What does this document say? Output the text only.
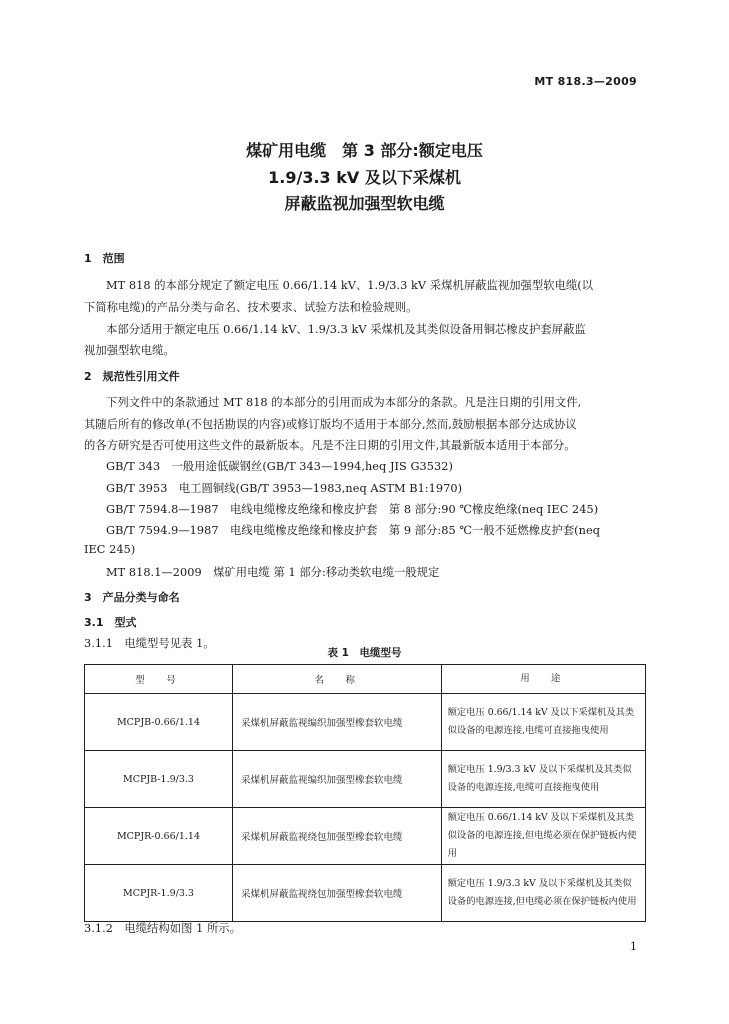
MT 818.3—2009
煤矿用电缆　第 3 部分:额定电压
1.9/3.3 kV 及以下采煤机
屏蔽监视加强型软电缆
1　范围
MT 818 的本部分规定了额定电压 0.66/1.14 kV、1.9/3.3 kV 采煤机屏蔽监视加强型软电缆(以
下简称电缆)的产品分类与命名、技术要求、试验方法和检验规则。
本部分适用于额定电压 0.66/1.14 kV、1.9/3.3 kV 采煤机及其类似设备用铜芯橡皮护套屏蔽监
视加强型软电缆。
2　规范性引用文件
下列文件中的条款通过 MT 818 的本部分的引用而成为本部分的条款。凡是注日期的引用文件,
其随后所有的修改单(不包括勘误的内容)或修订版均不适用于本部分,然而,鼓励根据本部分达成协议
的各方研究是否可使用这些文件的最新版本。凡是不注日期的引用文件,其最新版本适用于本部分。
GB/T 343　一般用途低碳钢丝(GB/T 343—1994,heq JIS G3532)
GB/T 3953　电工圆铜线(GB/T 3953—1983,neq ASTM B1:1970)
GB/T 7594.8—1987　电线电缆橡皮绝缘和橡皮护套　第 8 部分:90 ℃橡皮绝缘(neq IEC 245)
GB/T 7594.9—1987　电线电缆橡皮绝缘和橡皮护套　第 9 部分:85 ℃一般不延燃橡皮护套(neq
IEC 245)
MT 818.1—2009　煤矿用电缆 第 1 部分:移动类软电缆一般规定
3　产品分类与命名
3.1　型式
3.1.1　电缆型号见表 1。
表 1　电缆型号
型　号	名　称	用　途
MCPJB-0.66/1.14	采煤机屏蔽监视编织加强型橡套软电缆	额定电压 0.66/1.14 kV 及以下采煤机及其类似设备的电源连接,电缆可直接拖曳使用
MCPJB-1.9/3.3	采煤机屏蔽监视编织加强型橡套软电缆	额定电压 1.9/3.3 kV 及以下采煤机及其类似设备的电源连接,电缆可直接拖曳使用
MCPJR-0.66/1.14	采煤机屏蔽监视绕包加强型橡套软电缆	额定电压 0.66/1.14 kV 及以下采煤机及其类似设备的电源连接,但电缆必须在保护链板内使用
MCPJR-1.9/3.3	采煤机屏蔽监视绕包加强型橡套软电缆	额定电压 1.9/3.3 kV 及以下采煤机及其类似设备的电源连接,但电缆必须在保护链板内使用
3.1.2　电缆结构如图 1 所示。
1
